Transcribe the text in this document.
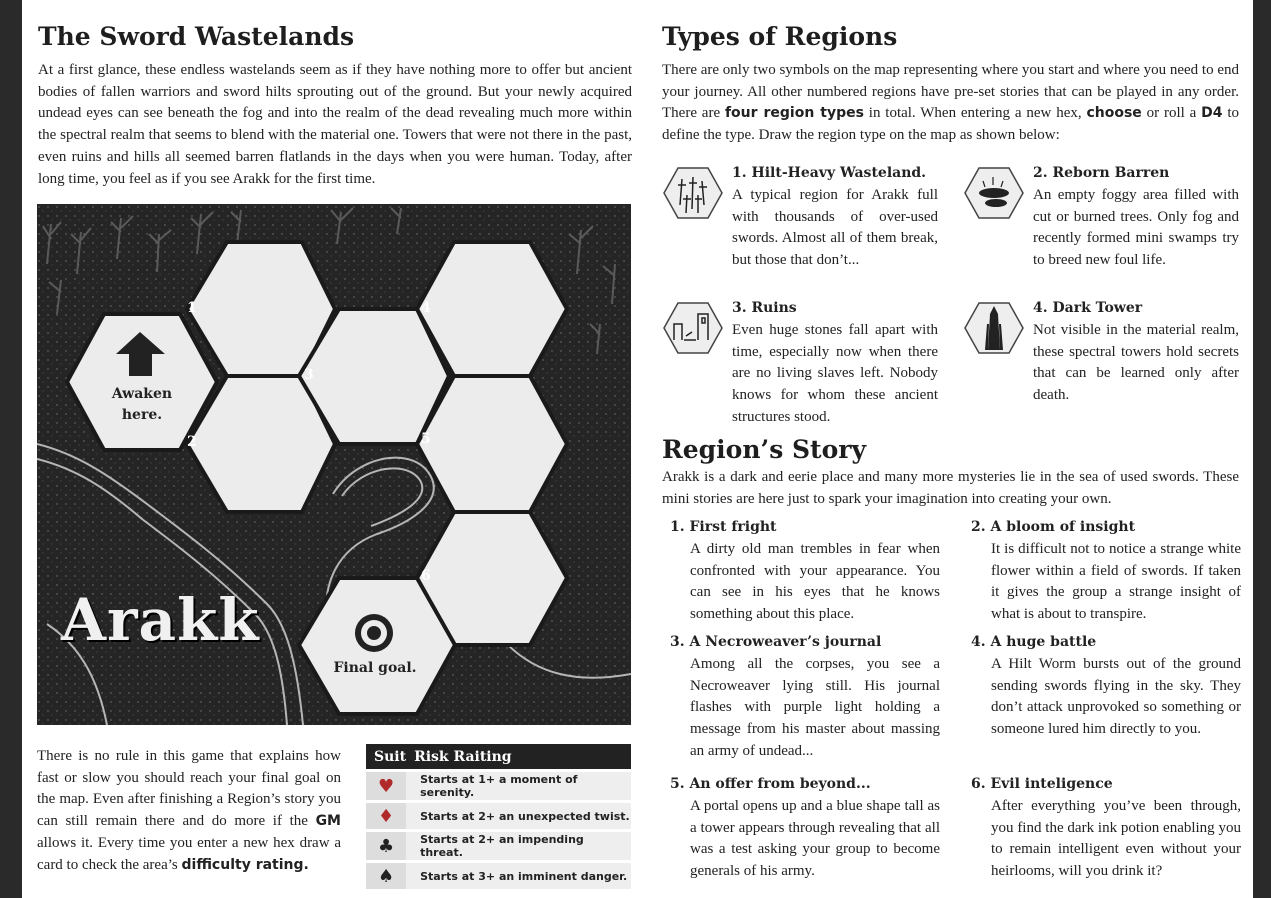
The Sword Wastelands

At a first glance, these endless wastelands seem as if they have nothing more to offer but ancient bodies of fallen warriors and sword hilts sprouting out of the ground. But your newly acquired undead eyes can see beneath the fog and into the realm of the dead revealing much more within the spectral realm that seems to blend with the material one. Towers that were not there in the past, even ruins and hills all seemed barren flatlands in the days when you were human. Today, after long time, you feel as if you see Arakk for the first time.

1
2
3
4
5
6
Awaken
here.
Final goal.
Arakk

There is no rule in this game that explains how fast or slow you should reach your final goal on the map. Even after finishing a Region’s story you can still remain there and do more if the GM allows it. Every time you enter a new hex draw a card to check the area’s difficulty rating.

Suit	Risk Raiting
♥	Starts at 1+ a moment of serenity.
♦	Starts at 2+ an unexpected twist.
♣	Starts at 2+ an impending threat.
♠	Starts at 3+ an imminent danger.
Types of Regions

There are only two symbols on the map representing where you start and where you need to end your journey. All other numbered regions have pre-set stories that can be played in any order. There are four region types in total. When entering a new hex, choose or roll a D4 to define the type. Draw the region type on the map as shown below:

1. Hilt-Heavy Wasteland.
A typical region for Arakk full with thousands of over-used swords. Almost all of them break, but those that don’t...
2. Reborn Barren
An empty foggy area filled with cut or burned trees. Only fog and recently formed mini swamps try to breed new foul life.
3. Ruins
Even huge stones fall apart with time, especially now when there are no living slaves left. Nobody knows for whom these ancient structures stood.
4. Dark Tower
Not visible in the material realm, these spectral towers hold secrets that can be learned only after death.
Region’s Story

Arakk is a dark and eerie place and many more mysteries lie in the sea of used swords. These mini stories are here just to spark your imagination into creating your own.

1. First fright
A dirty old man trembles in fear when confronted with your appearance. You can see in his eyes that he knows something about this place.
2. A bloom of insight
It is difficult not to notice a strange white flower within a field of swords. If taken it gives the group a strange insight of what is about to transpire.
3. A Necroweaver’s journal
Among all the corpses, you see a Necroweaver lying still. His journal flashes with purple light holding a message from his master about massing an army of undead...
4. A huge battle
A Hilt Worm bursts out of the ground sending swords flying in the sky. They don’t attack unprovoked so something or someone lured him directly to you.
5. An offer from beyond...
A portal opens up and a blue shape tall as a tower appears through revealing that all was a test asking your group to become generals of his army.
6. Evil inteligence
After everything you’ve been through, you find the dark ink potion enabling you to remain intelligent even without your heirlooms, will you drink it?
